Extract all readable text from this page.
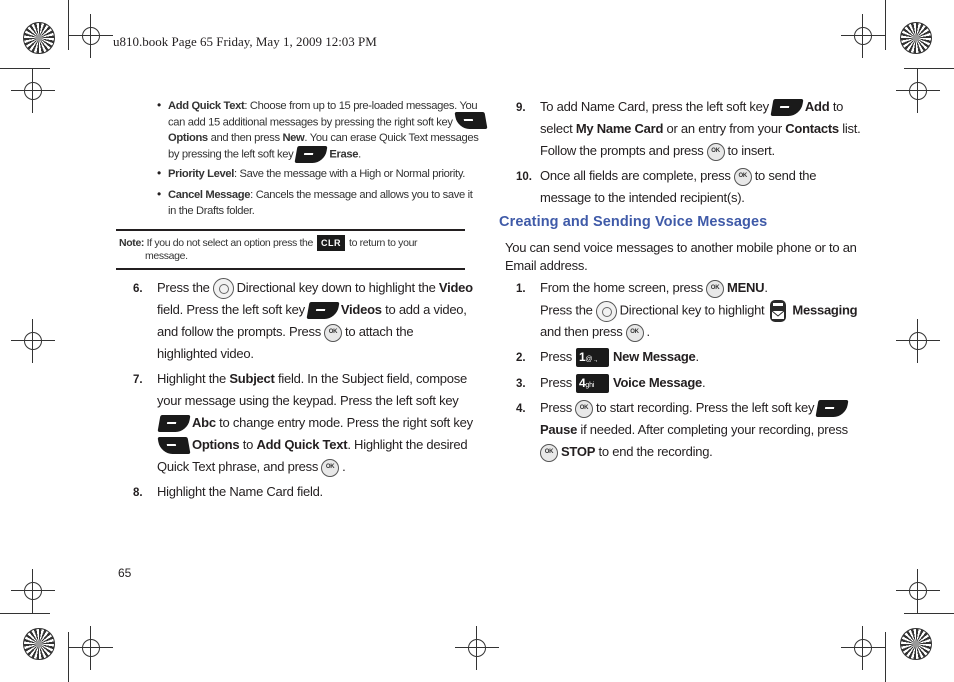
u810.book Page 65 Friday, May 1, 2009 12:03 PM
• Add Quick Text: Choose from up to 15 pre-loaded messages. You
can add 15 additional messages by pressing the right soft key
Options and then press New. You can erase Quick Text messages
by pressing the left soft key	Erase.
• Priority Level: Save the message with a High or Normal priority.
• Cancel Message: Cancels the message and allows you to save it
in the Drafts folder.
Note: If you do not select an option press the CLR to return to your
message.
6. Press the Directional key down to highlight the Video
field. Press the left soft key	Videos to add a video,
and follow the prompts. Press OK to attach the
highlighted video.
7. Highlight the Subject field. In the Subject field, compose
your message using the keypad. Press the left soft key
Abc to change entry mode. Press the right soft key
Options to Add Quick Text. Highlight the desired
Quick Text phrase, and press OK .
8. Highlight the Name Card field.
65
9. To add Name Card, press the left soft key	Add to
select My Name Card or an entry from your Contacts list.
Follow the prompts and press OK to insert.
10. Once all fields are complete, press OK to send the
message to the intended recipient(s).
Creating and Sending Voice Messages
You can send voice messages to another mobile phone or to an
Email address.
1. From the home screen, press OK MENU.
Press the Directional key to highlight Messaging
and then press OK .
2. Press 1@ ., New Message.
3. Press 4ghi Voice Message.
4. Press OK to start recording. Press the left soft key
Pause if needed. After completing your recording, press
OK STOP to end the recording.
